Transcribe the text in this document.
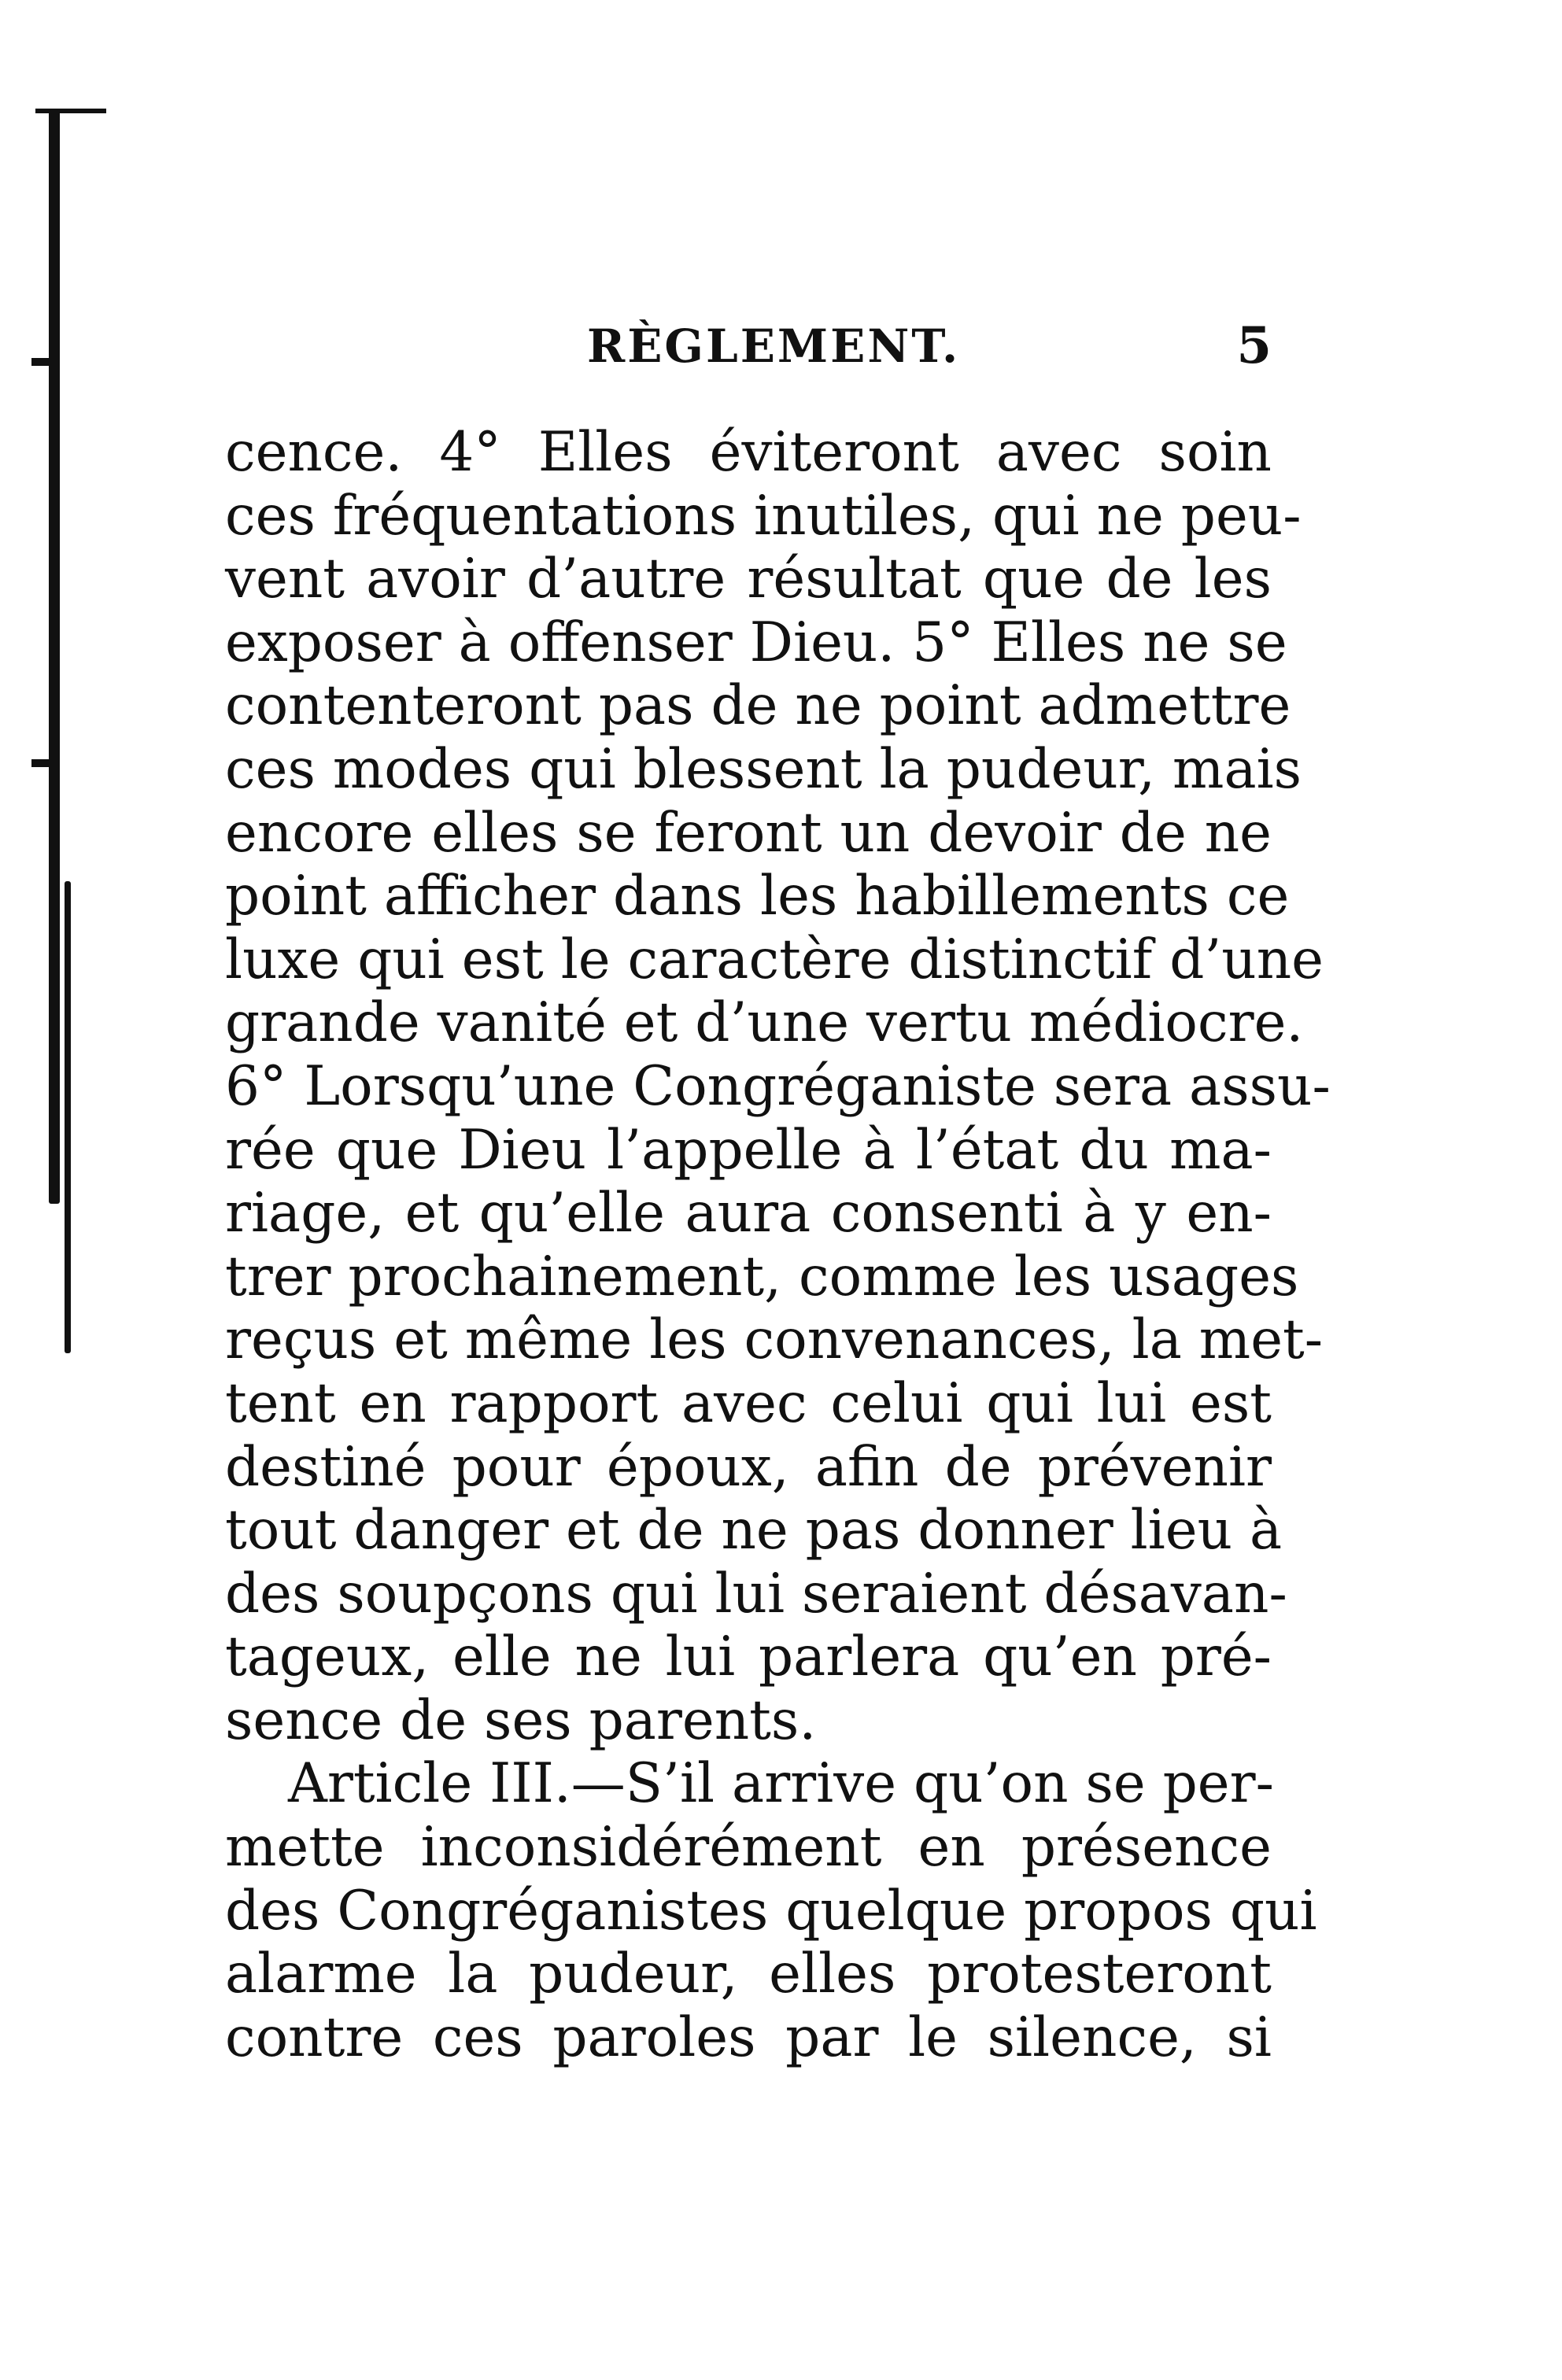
RÈGLEMENT.	5
cence. 4° Elles éviteront avec soin
ces fréquentations inutiles, qui ne peu-
vent avoir d’autre résultat que de les
exposer à offenser Dieu. 5° Elles ne se
contenteront pas de ne point admettre
ces modes qui blessent la pudeur, mais
encore elles se feront un devoir de ne
point afficher dans les habillements ce
luxe qui est le caractère distinctif d’une
grande vanité et d’une vertu médiocre.
6° Lorsqu’une Congréganiste sera assu-
rée que Dieu l’appelle à l’état du ma-
riage, et qu’elle aura consenti à y en-
trer prochainement, comme les usages
reçus et même les convenances, la met-
tent en rapport avec celui qui lui est
destiné pour époux, afin de prévenir
tout danger et de ne pas donner lieu à
des soupçons qui lui seraient désavan-
tageux, elle ne lui parlera qu’en pré-
sence de ses parents.
Article III.—S’il arrive qu’on se per-
mette inconsidérément en présence
des Congréganistes quelque propos qui
alarme la pudeur, elles protesteront
contre ces paroles par le silence, si
